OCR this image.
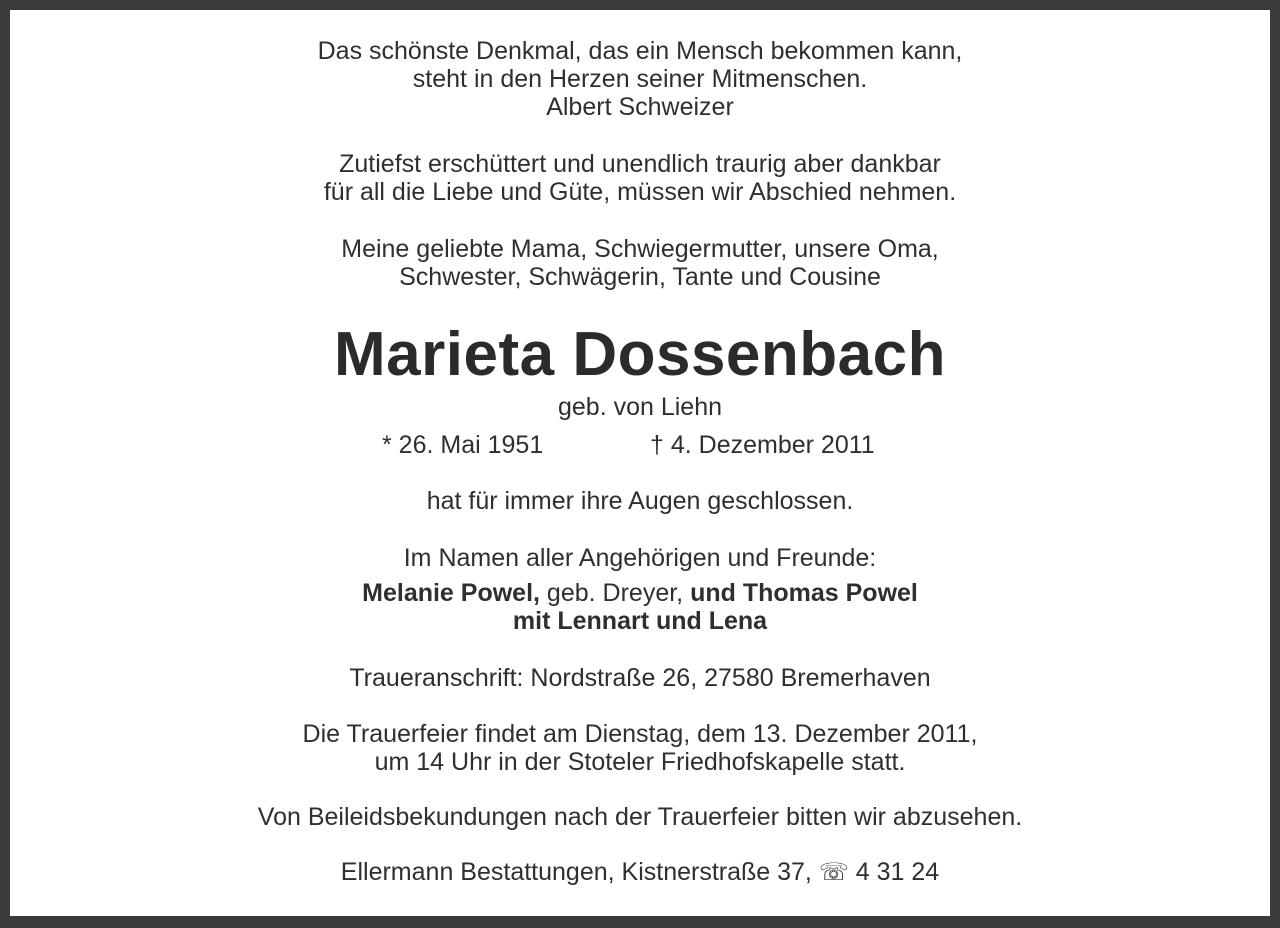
Das schönste Denkmal, das ein Mensch bekommen kann,
steht in den Herzen seiner Mitmenschen.
Albert Schweizer
Zutiefst erschüttert und unendlich traurig aber dankbar
für all die Liebe und Güte, müssen wir Abschied nehmen.
Meine geliebte Mama, Schwiegermutter, unsere Oma,
Schwester, Schwägerin, Tante und Cousine
Marieta Dossenbach
geb. von Liehn
* 26. Mai 1951	† 4. Dezember 2011
hat für immer ihre Augen geschlossen.
Im Namen aller Angehörigen und Freunde:
Melanie Powel, geb. Dreyer, und Thomas Powel
mit Lennart und Lena
Traueranschrift: Nordstraße 26, 27580 Bremerhaven
Die Trauerfeier findet am Dienstag, dem 13. Dezember 2011,
um 14 Uhr in der Stoteler Friedhofskapelle statt.
Von Beileidsbekundungen nach der Trauerfeier bitten wir abzusehen.
Ellermann Bestattungen, Kistnerstraße 37, ☏ 4 31 24
